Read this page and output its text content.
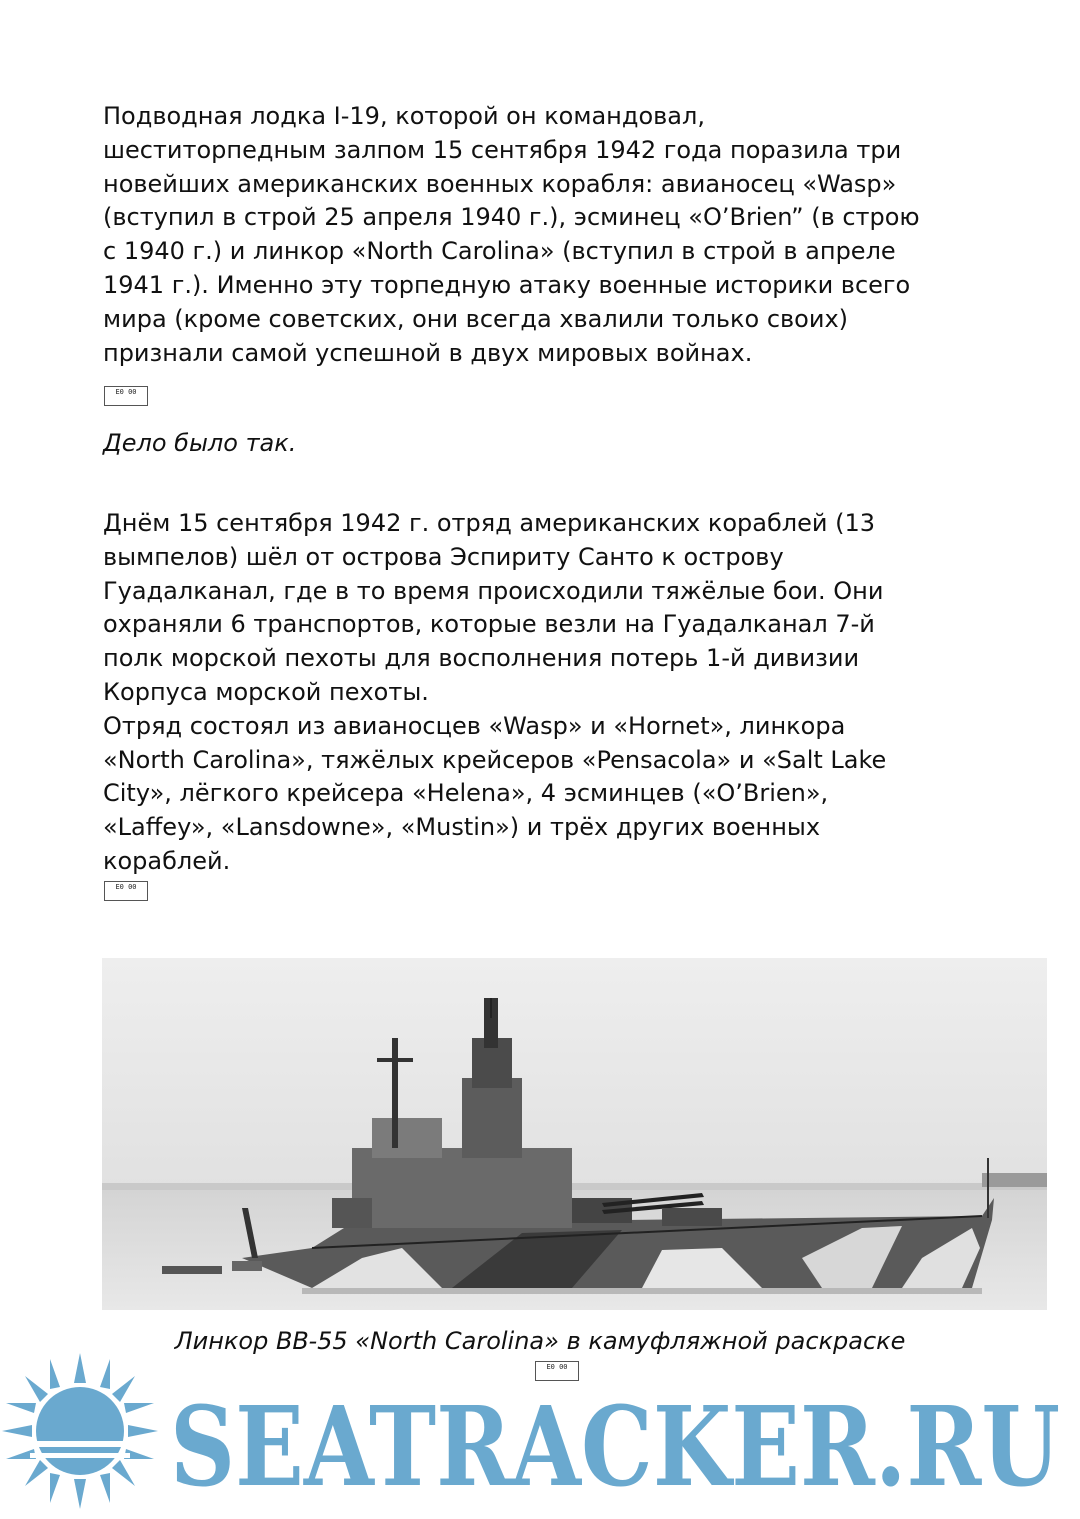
Подводная лодка I-19, которой он командовал,
шеститорпедным залпом 15 сентября 1942 года поразила три
новейших американских военных корабля: авианосец «Wasp»
(вступил в строй 25 апреля 1940 г.), эсминец «O’Brien” (в строю
с 1940 г.) и линкор «North Carolina» (вступил в строй в апреле
1941 г.). Именно эту торпедную атаку военные историки всего
мира (кроме советских, они всегда хвалили только своих)
признали самой успешной в двух мировых войнах.

E0 00

Дело было так.

Днём 15 сентября 1942 г. отряд американских кораблей (13
вымпелов) шёл от острова Эспириту Санто к острову
Гуадалканал, где в то время происходили тяжёлые бои. Они
охраняли 6 транспортов, которые везли на Гуадалканал 7-й
полк морской пехоты для восполнения потерь 1-й дивизии
Корпуса морской пехоты.
Отряд состоял из авианосцев «Wasp» и «Hornet», линкора
«North Carolina», тяжёлых крейсеров «Pensacola» и «Salt Lake
City», лёгкого крейсера «Helena», 4 эсминцев («O’Brien»,
«Laffey», «Lansdowne», «Mustin») и трёх других военных
кораблей.

E0 00
Линкор BB-55 «North Carolina» в камуфляжной раскраске
E0 00
SEATRACKER.RU
